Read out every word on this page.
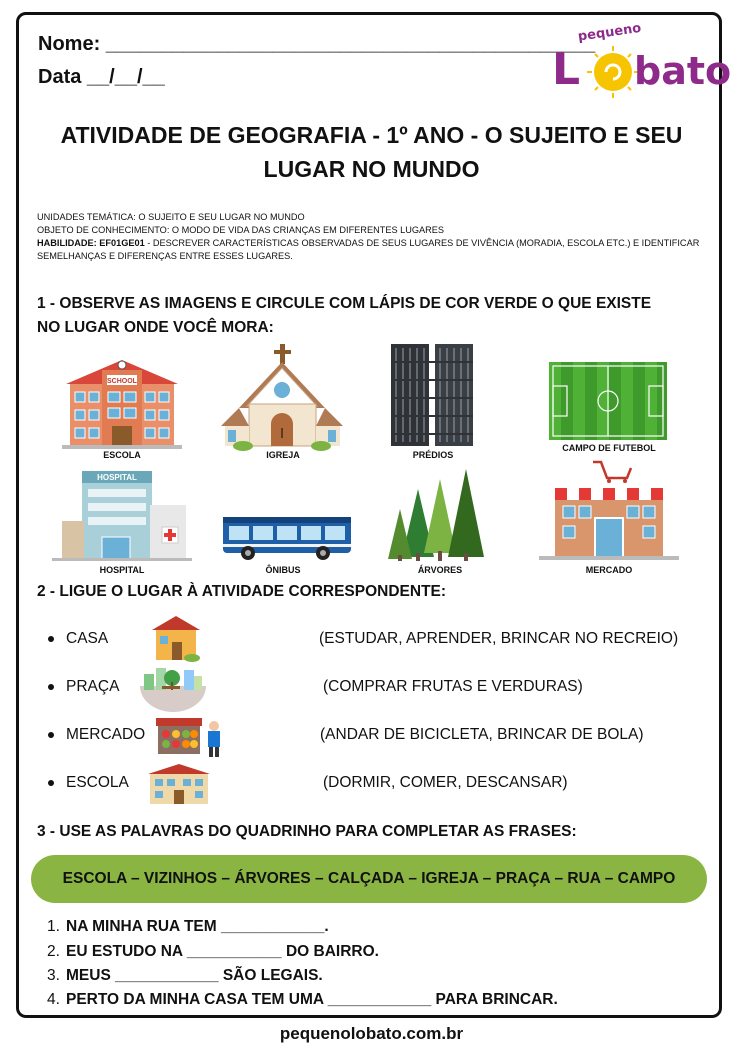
Nome: ____________________________________________
Data __/__/__
pequeno
L bato
ATIVIDADE DE GEOGRAFIA - 1º ANO - O SUJEITO E SEU
LUGAR NO MUNDO
UNIDADES TEMÁTICA: O SUJEITO E SEU LUGAR NO MUNDO
OBJETO DE CONHECIMENTO: O MODO DE VIDA DAS CRIANÇAS EM DIFERENTES LUGARES
HABILIDADE: EF01GE01 - DESCREVER CARACTERÍSTICAS OBSERVADAS DE SEUS LUGARES DE VIVÊNCIA (MORADIA, ESCOLA ETC.) E IDENTIFICAR SEMELHANÇAS E DIFERENÇAS ENTRE ESSES LUGARES.
1 - OBSERVE AS IMAGENS E CIRCULE COM LÁPIS DE COR VERDE O QUE EXISTE
NO LUGAR ONDE VOCÊ MORA:
SCHOOL
ESCOLA	IGREJA	PRÉDIOS
CAMPO DE FUTEBOL
HOSPITAL
HOSPITAL	ÔNIBUS	ÁRVORES	MERCADO
2 - LIGUE O LUGAR À ATIVIDADE CORRESPONDENTE:
CASA
PRAÇA
MERCADO
ESCOLA
(ESTUDAR, APRENDER, BRINCAR NO RECREIO)
(COMPRAR FRUTAS E VERDURAS)
(ANDAR DE BICICLETA, BRINCAR DE BOLA)
(DORMIR, COMER, DESCANSAR)
3 - USE AS PALAVRAS DO QUADRINHO PARA COMPLETAR AS FRASES:
ESCOLA – VIZINHOS – ÁRVORES – CALÇADA – IGREJA – PRAÇA – RUA – CAMPO
1. NA MINHA RUA TEM ____________.
2. EU ESTUDO NA ___________ DO BAIRRO.
3. MEUS ____________ SÃO LEGAIS.
4. PERTO DA MINHA CASA TEM UMA ____________ PARA BRINCAR.
pequenolobato.com.br
